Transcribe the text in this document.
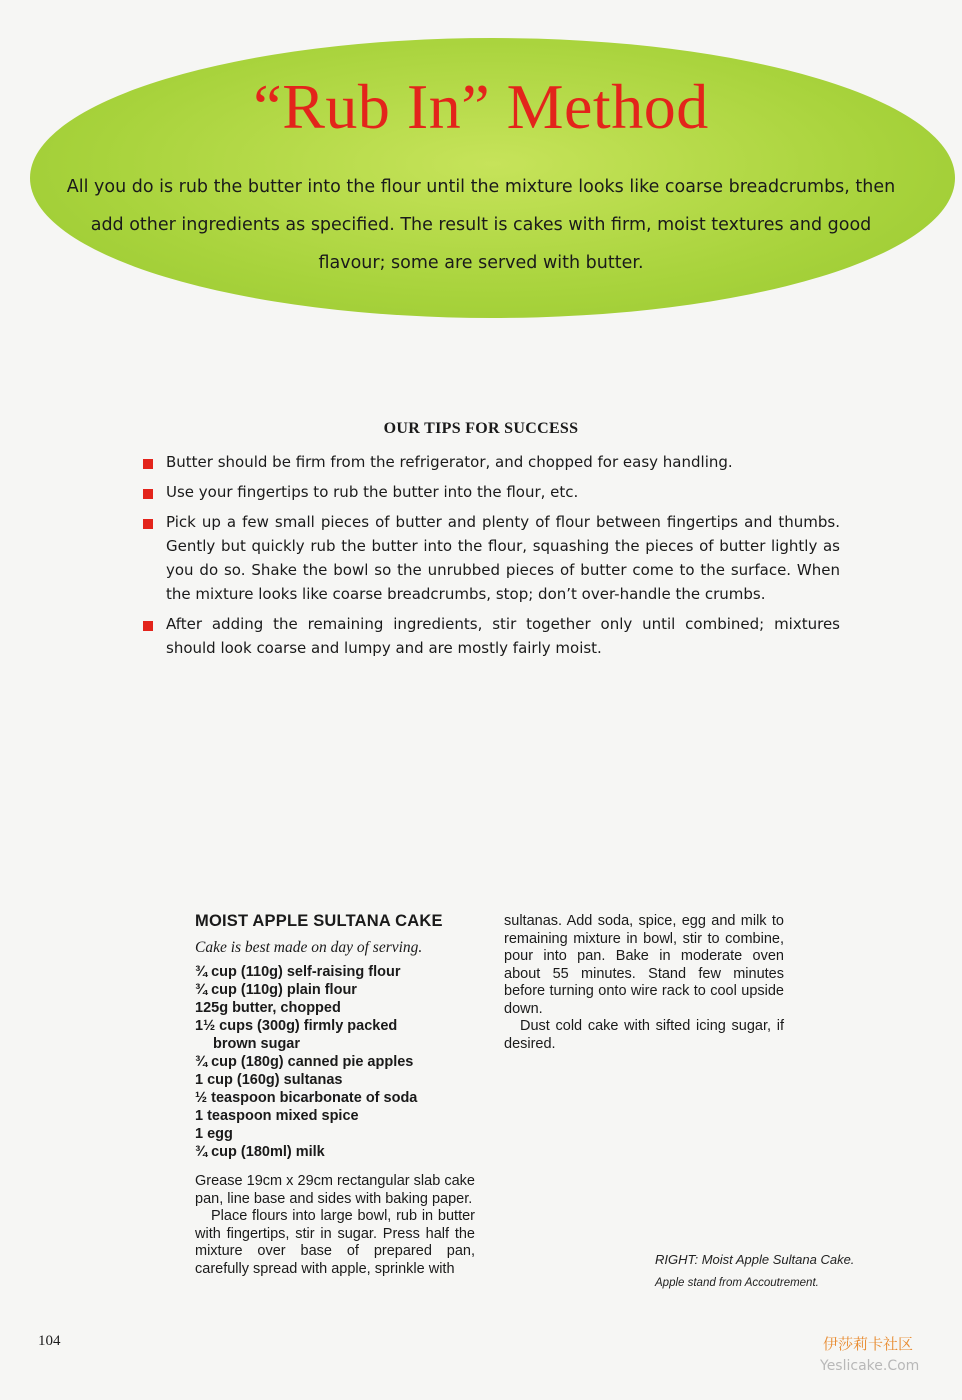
“Rub In” Method
All you do is rub the butter into the flour until the mixture looks like coarse breadcrumbs, then add other ingredients as specified. The result is cakes with firm, moist textures and good flavour; some are served with butter.
OUR TIPS FOR SUCCESS
Butter should be firm from the refrigerator, and chopped for easy handling.
Use your fingertips to rub the butter into the flour, etc.
Pick up a few small pieces of butter and plenty of flour between fingertips and thumbs. Gently but quickly rub the butter into the flour, squashing the pieces of butter lightly as you do so. Shake the bowl so the unrubbed pieces of butter come to the surface. When the mixture looks like coarse breadcrumbs, stop; don’t over-handle the crumbs.
After adding the remaining ingredients, stir together only until combined; mixtures should look coarse and lumpy and are mostly fairly moist.
MOIST APPLE SULTANA CAKE
Cake is best made on day of serving.
¾ cup (110g) self-raising flour
¾ cup (110g) plain flour
125g butter, chopped
1½ cups (300g) firmly packed
brown sugar
¾ cup (180g) canned pie apples
1 cup (160g) sultanas
½ teaspoon bicarbonate of soda
1 teaspoon mixed spice
1 egg
¾ cup (180ml) milk

Grease 19cm x 29cm rectangular slab cake pan, line base and sides with baking paper.

Place flours into large bowl, rub in butter with fingertips, stir in sugar. Press half the mixture over base of prepared pan, carefully spread with apple, sprinkle with

sultanas. Add soda, spice, egg and milk to remaining mixture in bowl, stir to combine, pour into pan. Bake in moderate oven about 55 minutes. Stand few minutes before turning onto wire rack to cool upside down.

Dust cold cake with sifted icing sugar, if desired.

RIGHT: Moist Apple Sultana Cake.
Apple stand from Accoutrement.
104	伊莎莉卡社区
Yeslicake.Com
